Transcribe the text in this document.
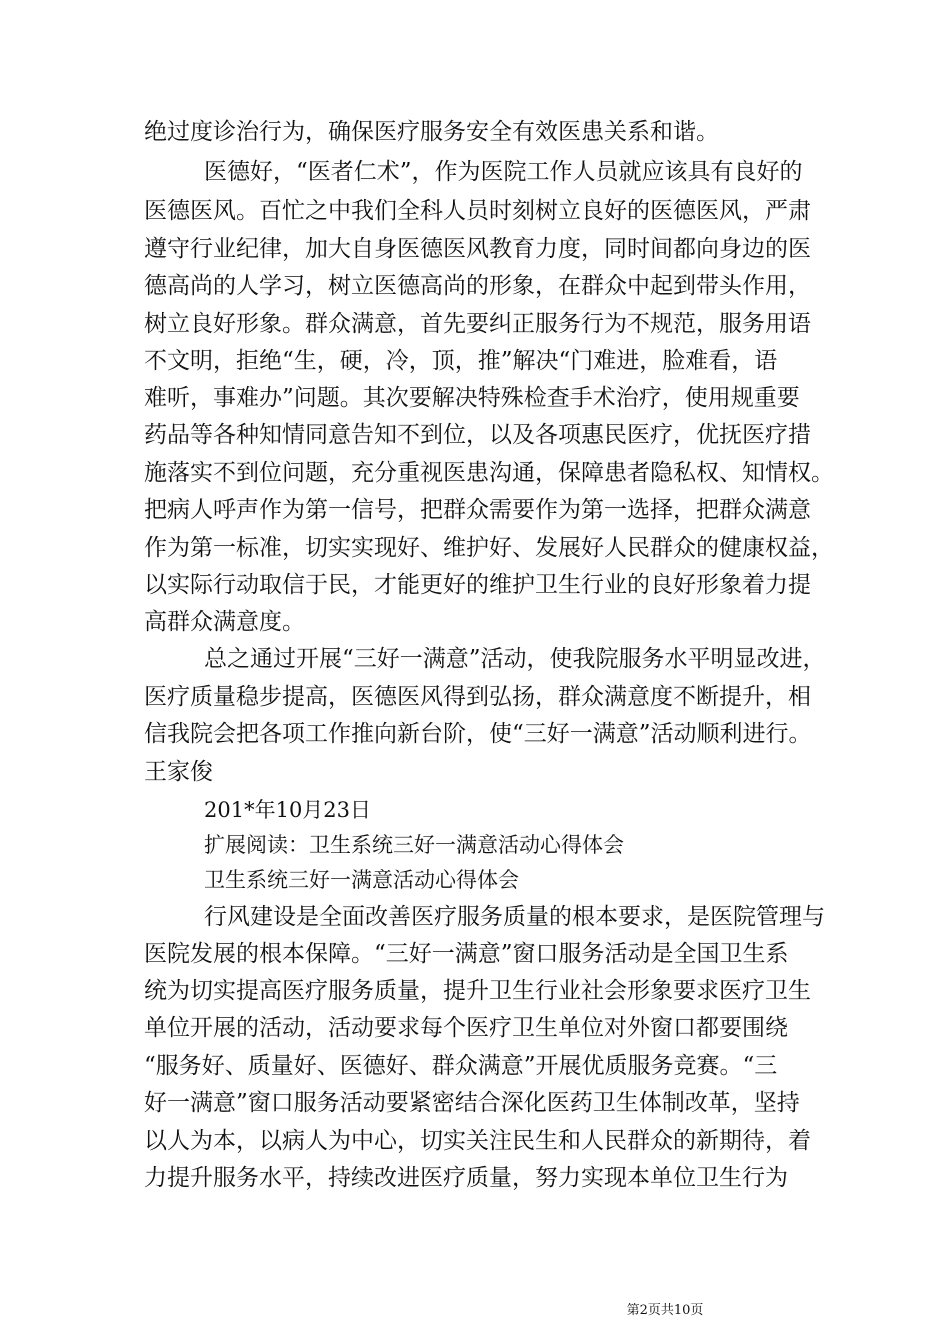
绝过度诊治行为，确保医疗服务安全有效医患关系和谐。
医德好，“医者仁术”，作为医院工作人员就应该具有良好的
医德医风。百忙之中我们全科人员时刻树立良好的医德医风，严肃
遵守行业纪律，加大自身医德医风教育力度，同时间都向身边的医
德高尚的人学习，树立医德高尚的形象，在群众中起到带头作用，
树立良好形象。群众满意，首先要纠正服务行为不规范，服务用语
不文明，拒绝“生，硬，冷，顶，推”解决“门难进，脸难看，语
难听，事难办”问题。其次要解决特殊检查手术治疗，使用规重要
药品等各种知情同意告知不到位，以及各项惠民医疗，优抚医疗措
施落实不到位问题，充分重视医患沟通，保障患者隐私权、知情权。
把病人呼声作为第一信号，把群众需要作为第一选择，把群众满意
作为第一标准，切实实现好、维护好、发展好人民群众的健康权益，
以实际行动取信于民，才能更好的维护卫生行业的良好形象着力提
高群众满意度。
总之通过开展“三好一满意”活动，使我院服务水平明显改进，
医疗质量稳步提高，医德医风得到弘扬，群众满意度不断提升，相
信我院会把各项工作推向新台阶，使“三好一满意”活动顺利进行。
王家俊
201*年10月23日
扩展阅读：卫生系统三好一满意活动心得体会
卫生系统三好一满意活动心得体会
行风建设是全面改善医疗服务质量的根本要求，是医院管理与
医院发展的根本保障。“三好一满意”窗口服务活动是全国卫生系
统为切实提高医疗服务质量，提升卫生行业社会形象要求医疗卫生
单位开展的活动，活动要求每个医疗卫生单位对外窗口都要围绕
“服务好、质量好、医德好、群众满意”开展优质服务竞赛。“三
好一满意”窗口服务活动要紧密结合深化医药卫生体制改革，坚持
以人为本，以病人为中心，切实关注民生和人民群众的新期待，着
力提升服务水平，持续改进医疗质量，努力实现本单位卫生行为
第2页共10页
